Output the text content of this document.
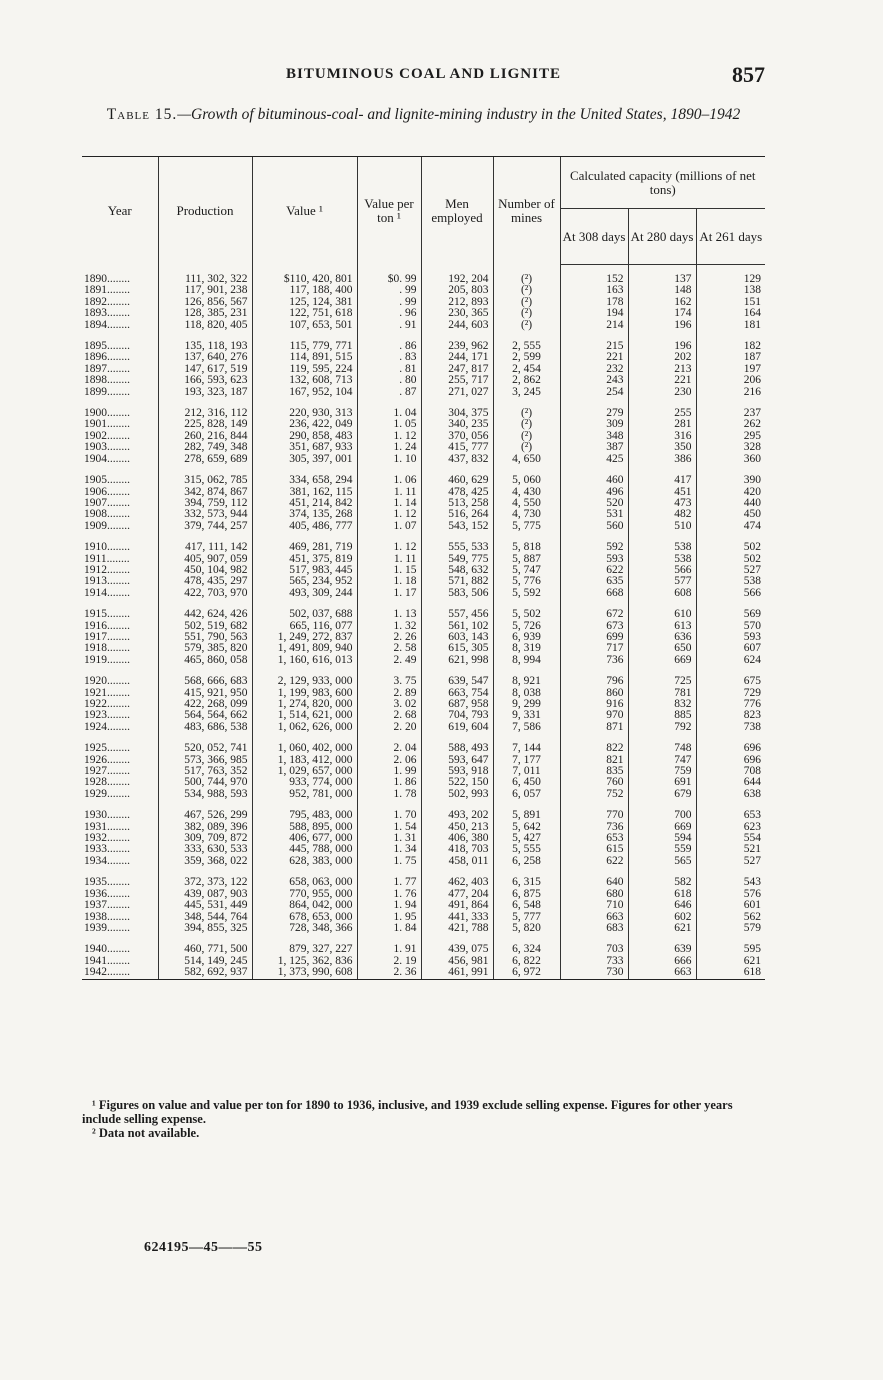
BITUMINOUS COAL AND LIGNITE	857
Table 15.—Growth of bituminous-coal- and lignite-mining industry in the United States, 1890–1942
Year	Production	Value ¹	Value per ton ¹	Men employed	Number of mines	Calculated capacity (millions of net tons)		
						At 308 days	At 280 days	At 261 days

1890........	111, 302, 322	$110, 420, 801	$0. 99	192, 204	(²)	152	137	129
1891........	117, 901, 238	117, 188, 400	. 99	205, 803	(²)	163	148	138
1892........	126, 856, 567	125, 124, 381	. 99	212, 893	(²)	178	162	151
1893........	128, 385, 231	122, 751, 618	. 96	230, 365	(²)	194	174	164
1894........	118, 820, 405	107, 653, 501	. 91	244, 603	(²)	214	196	181

1895........	135, 118, 193	115, 779, 771	. 86	239, 962	2, 555	215	196	182
1896........	137, 640, 276	114, 891, 515	. 83	244, 171	2, 599	221	202	187
1897........	147, 617, 519	119, 595, 224	. 81	247, 817	2, 454	232	213	197
1898........	166, 593, 623	132, 608, 713	. 80	255, 717	2, 862	243	221	206
1899........	193, 323, 187	167, 952, 104	. 87	271, 027	3, 245	254	230	216

1900........	212, 316, 112	220, 930, 313	1. 04	304, 375	(²)	279	255	237
1901........	225, 828, 149	236, 422, 049	1. 05	340, 235	(²)	309	281	262
1902........	260, 216, 844	290, 858, 483	1. 12	370, 056	(²)	348	316	295
1903........	282, 749, 348	351, 687, 933	1. 24	415, 777	(²)	387	350	328
1904........	278, 659, 689	305, 397, 001	1. 10	437, 832	4, 650	425	386	360

1905........	315, 062, 785	334, 658, 294	1. 06	460, 629	5, 060	460	417	390
1906........	342, 874, 867	381, 162, 115	1. 11	478, 425	4, 430	496	451	420
1907........	394, 759, 112	451, 214, 842	1. 14	513, 258	4, 550	520	473	440
1908........	332, 573, 944	374, 135, 268	1. 12	516, 264	4, 730	531	482	450
1909........	379, 744, 257	405, 486, 777	1. 07	543, 152	5, 775	560	510	474

1910........	417, 111, 142	469, 281, 719	1. 12	555, 533	5, 818	592	538	502
1911........	405, 907, 059	451, 375, 819	1. 11	549, 775	5, 887	593	538	502
1912........	450, 104, 982	517, 983, 445	1. 15	548, 632	5, 747	622	566	527
1913........	478, 435, 297	565, 234, 952	1. 18	571, 882	5, 776	635	577	538
1914........	422, 703, 970	493, 309, 244	1. 17	583, 506	5, 592	668	608	566

1915........	442, 624, 426	502, 037, 688	1. 13	557, 456	5, 502	672	610	569
1916........	502, 519, 682	665, 116, 077	1. 32	561, 102	5, 726	673	613	570
1917........	551, 790, 563	1, 249, 272, 837	2. 26	603, 143	6, 939	699	636	593
1918........	579, 385, 820	1, 491, 809, 940	2. 58	615, 305	8, 319	717	650	607
1919........	465, 860, 058	1, 160, 616, 013	2. 49	621, 998	8, 994	736	669	624

1920........	568, 666, 683	2, 129, 933, 000	3. 75	639, 547	8, 921	796	725	675
1921........	415, 921, 950	1, 199, 983, 600	2. 89	663, 754	8, 038	860	781	729
1922........	422, 268, 099	1, 274, 820, 000	3. 02	687, 958	9, 299	916	832	776
1923........	564, 564, 662	1, 514, 621, 000	2. 68	704, 793	9, 331	970	885	823
1924........	483, 686, 538	1, 062, 626, 000	2. 20	619, 604	7, 586	871	792	738

1925........	520, 052, 741	1, 060, 402, 000	2. 04	588, 493	7, 144	822	748	696
1926........	573, 366, 985	1, 183, 412, 000	2. 06	593, 647	7, 177	821	747	696
1927........	517, 763, 352	1, 029, 657, 000	1. 99	593, 918	7, 011	835	759	708
1928........	500, 744, 970	933, 774, 000	1. 86	522, 150	6, 450	760	691	644
1929........	534, 988, 593	952, 781, 000	1. 78	502, 993	6, 057	752	679	638

1930........	467, 526, 299	795, 483, 000	1. 70	493, 202	5, 891	770	700	653
1931........	382, 089, 396	588, 895, 000	1. 54	450, 213	5, 642	736	669	623
1932........	309, 709, 872	406, 677, 000	1. 31	406, 380	5, 427	653	594	554
1933........	333, 630, 533	445, 788, 000	1. 34	418, 703	5, 555	615	559	521
1934........	359, 368, 022	628, 383, 000	1. 75	458, 011	6, 258	622	565	527

1935........	372, 373, 122	658, 063, 000	1. 77	462, 403	6, 315	640	582	543
1936........	439, 087, 903	770, 955, 000	1. 76	477, 204	6, 875	680	618	576
1937........	445, 531, 449	864, 042, 000	1. 94	491, 864	6, 548	710	646	601
1938........	348, 544, 764	678, 653, 000	1. 95	441, 333	5, 777	663	602	562
1939........	394, 855, 325	728, 348, 366	1. 84	421, 788	5, 820	683	621	579

1940........	460, 771, 500	879, 327, 227	1. 91	439, 075	6, 324	703	639	595
1941........	514, 149, 245	1, 125, 362, 836	2. 19	456, 981	6, 822	733	666	621
1942........	582, 692, 937	1, 373, 990, 608	2. 36	461, 991	6, 972	730	663	618

¹ Figures on value and value per ton for 1890 to 1936, inclusive, and 1939 exclude selling expense. Figures for other years include selling expense.

² Data not available.

624195—45——55
